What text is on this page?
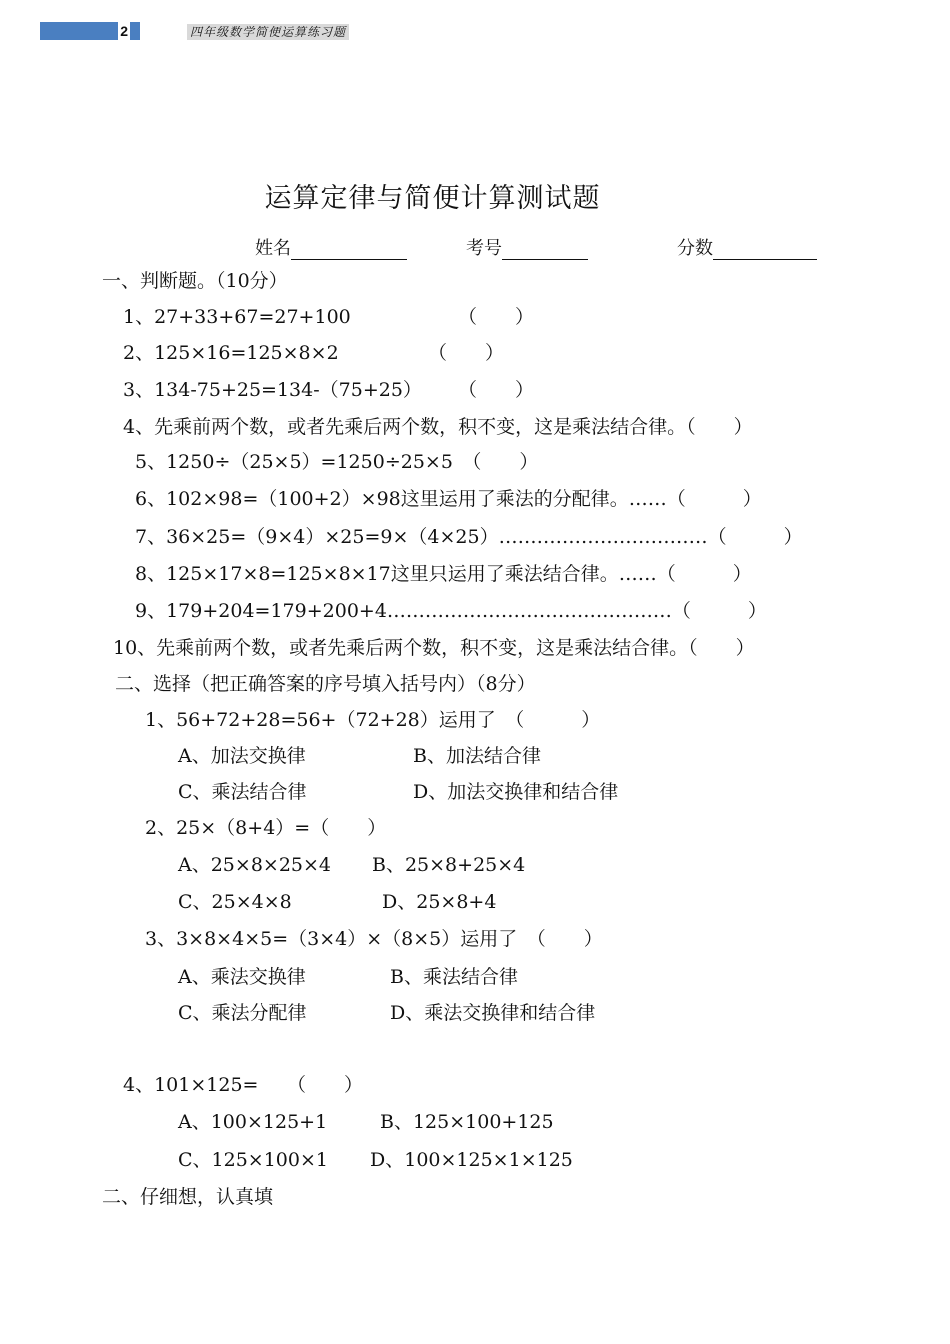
2	四年级数学简便运算练习题
运算定律与简便计算测试题
姓名	考号	分数
一、判断题。（10分）
1、27+33+67=27+100	（　　）
2、125×16=125×8×2	（　　）
3、134-75+25=134-（75+25） （　　）
4、先乘前两个数，或者先乘后两个数，积不变，这是乘法结合律。（　　）
5、1250÷（25×5）=1250÷25×5　（　　）
6、102×98=（100+2）×98这里运用了乘法的分配律。……（　　　）
7、36×25=（9×4）×25=9×（4×25）……………………………（　　　）
8、125×17×8=125×8×17这里只运用了乘法结合律。……（　　　）
9、179+204=179+200+4………………………………………（　　　）
10、先乘前两个数，或者先乘后两个数，积不变，这是乘法结合律。（　　）
二、选择（把正确答案的序号填入括号内）（8分）
1、56+72+28=56+（72+28）运用了　（　　　）
A、加法交换律	B、加法结合律
C、乘法结合律	D、加法交换律和结合律
2、25×（8+4）=（　　）
A、25×8×25×4 B、25×8+25×4
C、25×4×8	D、25×8+4
3、3×8×4×5=（3×4）×（8×5）运用了　（　　）
A、乘法交换律	B、乘法结合律
C、乘法分配律	D、乘法交换律和结合律
4、101×125=　　（　　）
A、100×125+1	B、125×100+125
C、125×100×1 D、100×125×1×125
二、仔细想，认真填
